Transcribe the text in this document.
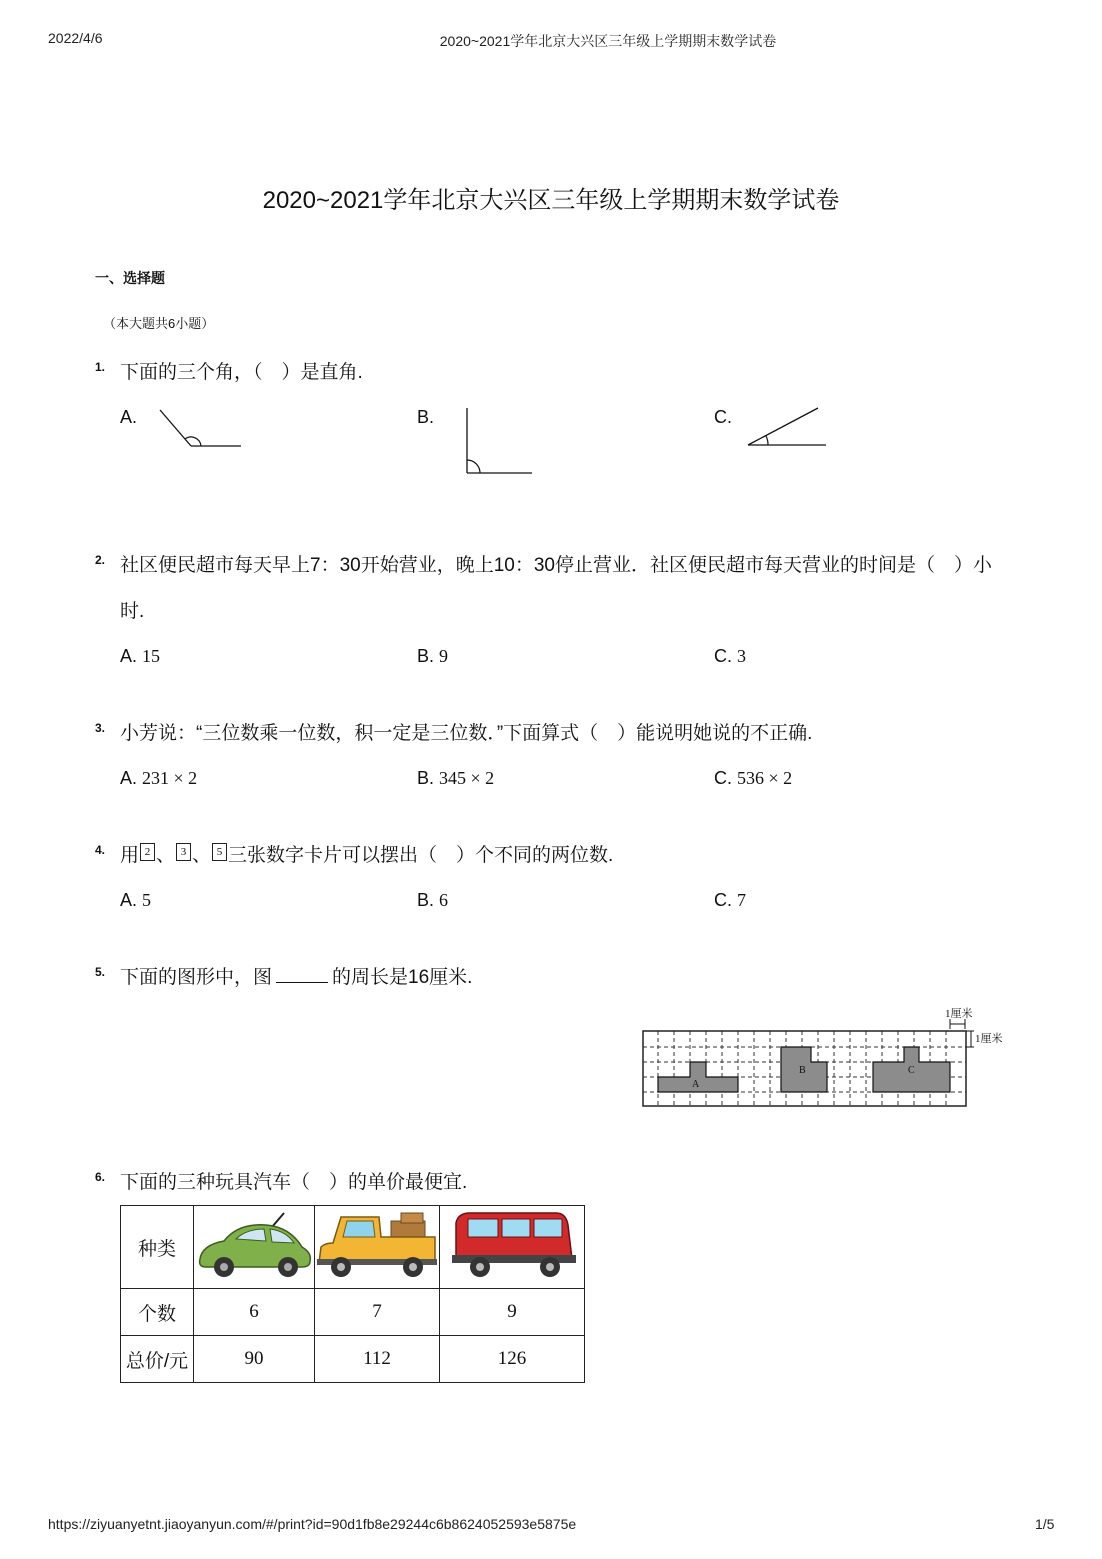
2022/4/6	2020~2021学年北京大兴区三年级上学期期末数学试卷
2020~2021学年北京大兴区三年级上学期期末数学试卷
一、选择题
（本大题共6小题）
1. 下面的三个角，（　）是直角.
A.	B.	C.
2. 社区便民超市每天早上7：30开始营业，晚上10：30停止营业．社区便民超市每天营业的时间是（　）小
时.
A. 15	B. 9	C. 3
3. 小芳说：“三位数乘一位数，积一定是三位数．”下面算式（　）能说明她说的不正确.
A. 231 × 2	B. 345 × 2	C. 536 × 2
4. 用 2 、 3 、 5 三张数字卡片可以摆出（　）个不同的两位数.
A. 5	B. 6	C. 7
5. 下面的图形中，图	的周长是16厘米.
A
B	C
1厘米
1厘米
6. 下面的三种玩具汽车（　）的单价最便宜.
种类			
个数	6	7	9
总价/元	90	112	126
https://ziyuanyetnt.jiaoyanyun.com/#/print?id=90d1fb8e29244c6b8624052593e5875e	1/5
